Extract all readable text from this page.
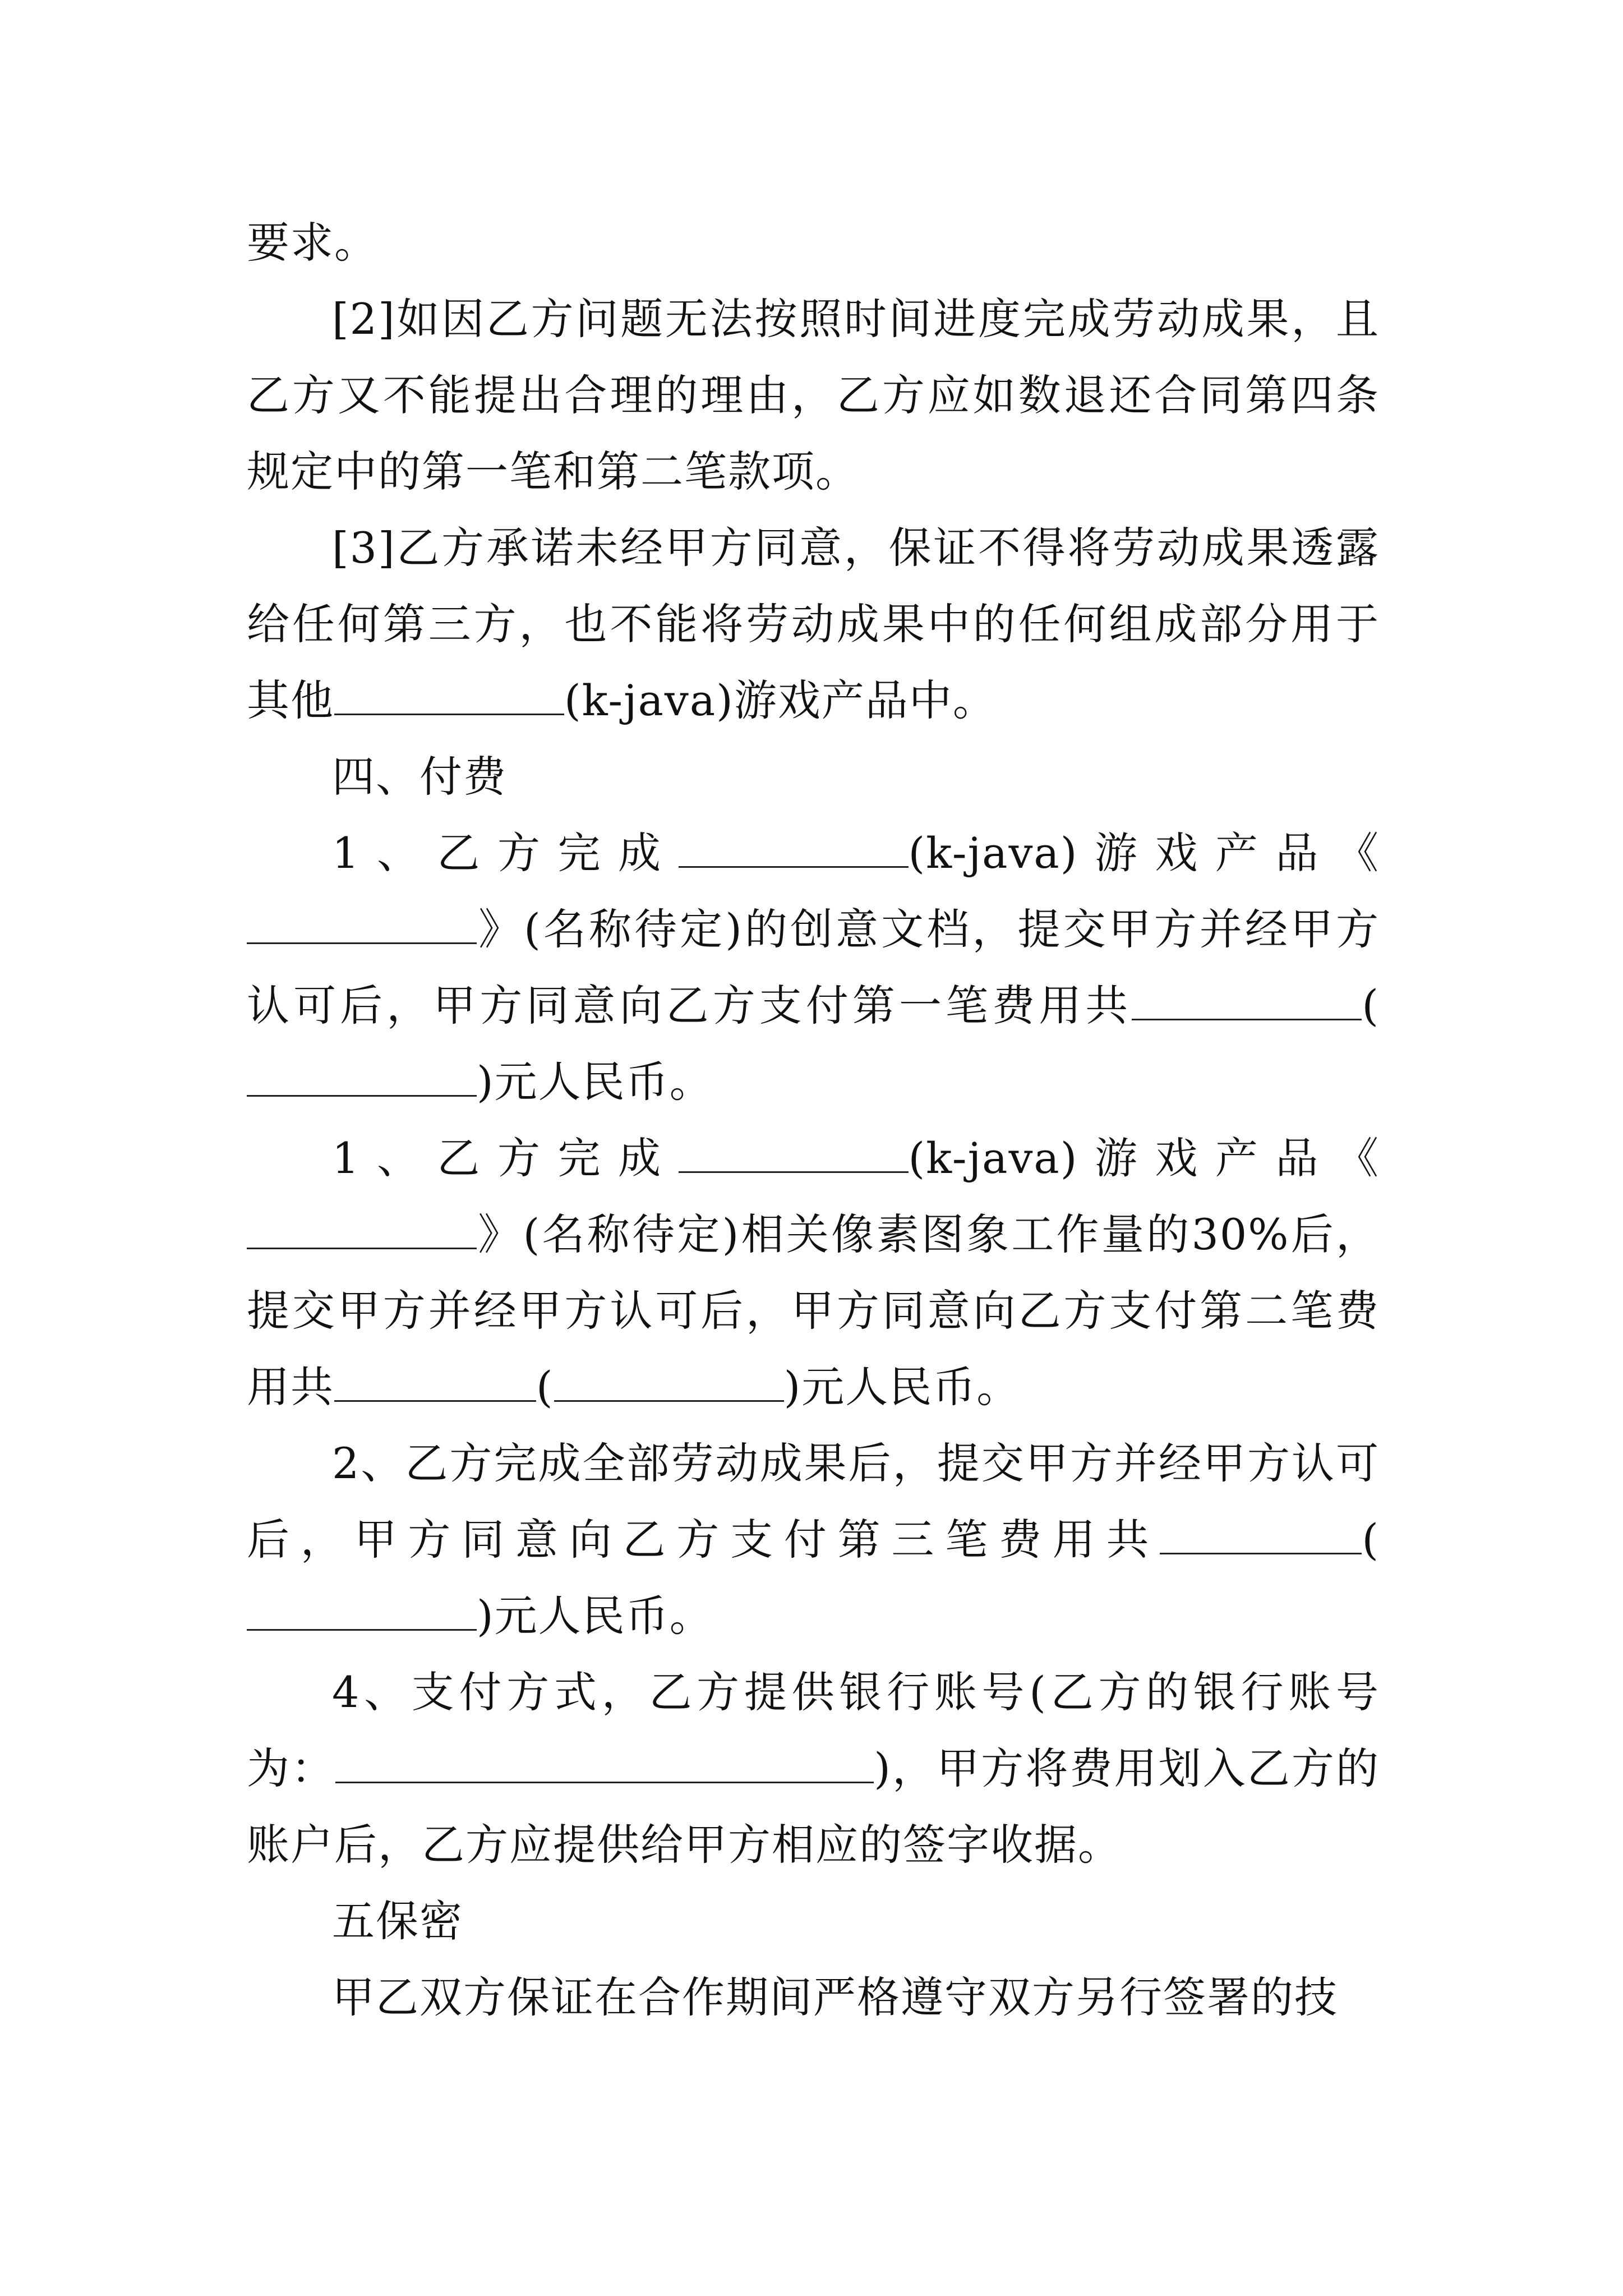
要求。

[2]如因乙方问题无法按照时间进度完成劳动成果，且乙方又不能提出合理的理由，乙方应如数退还合同第四条规定中的第一笔和第二笔款项。

[3]乙方承诺未经甲方同意，保证不得将劳动成果透露给任何第三方，也不能将劳动成果中的任何组成部分用于其他	(k-java)游戏产品中。

四、付费

1、乙方完成	(k-java)游戏产品《》(名称待定)的创意文档，提交甲方并经甲方认可后，甲方同意向乙方支付第一笔费用共	()元人民币。

1、乙方完成	(k-java)游戏产品《》(名称待定)相关像素图象工作量的30%后，提交甲方并经甲方认可后，甲方同意向乙方支付第二笔费用共	(	)元人民币。

2、乙方完成全部劳动成果后，提交甲方并经甲方认可后，甲方同意向乙方支付第三笔费用共	()元人民币。

4、支付方式，乙方提供银行账号(乙方的银行账号为：	)，甲方将费用划入乙方的账户后，乙方应提供给甲方相应的签字收据。

五保密

甲乙双方保证在合作期间严格遵守双方另行签署的技
